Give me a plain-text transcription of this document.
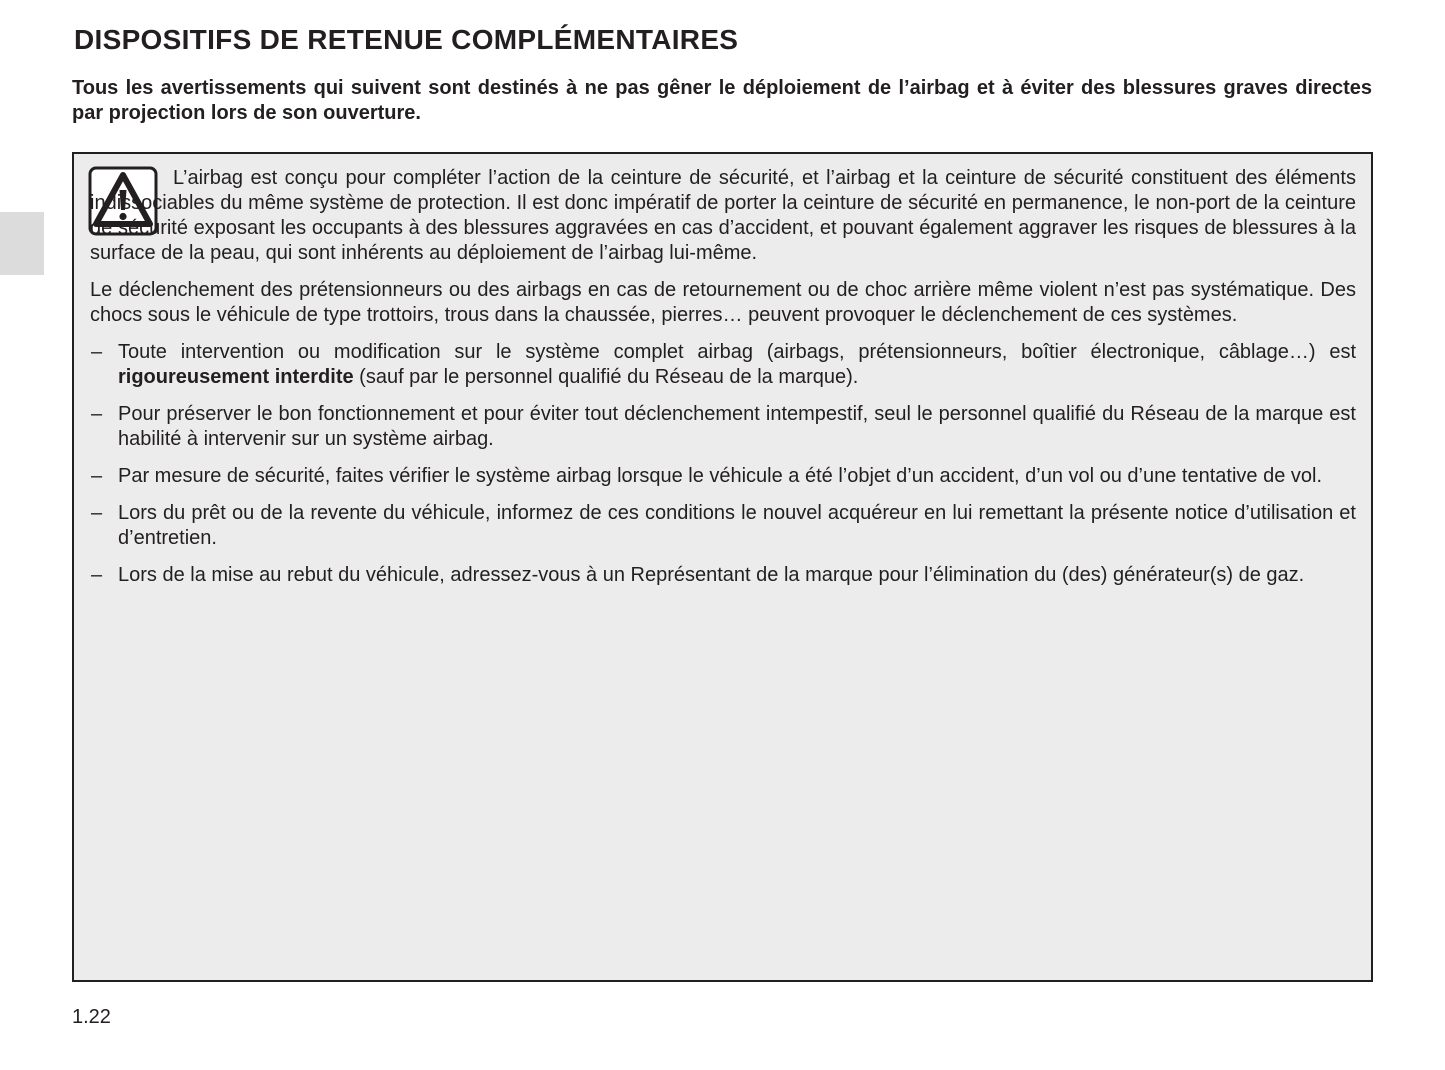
DISPOSITIFS DE RETENUE COMPLÉMENTAIRES

Tous les avertissements qui suivent sont destinés à ne pas gêner le déploiement de l’airbag et à éviter des blessures graves directes par projection lors de son ouverture.

L’airbag est conçu pour compléter l’action de la ceinture de sécurité, et l’airbag et la ceinture de sécurité constituent des éléments indissociables du même système de protection. Il est donc impératif de porter la ceinture de sécurité en permanence, le non-port de la ceinture de sécurité exposant les occupants à des blessures aggravées en cas d’accident, et pouvant également aggraver les risques de blessures à la surface de la peau, qui sont inhérents au déploiement de l’airbag lui-même.

Le déclenchement des prétensionneurs ou des airbags en cas de retournement ou de choc arrière même violent n’est pas systématique. Des chocs sous le véhicule de type trottoirs, trous dans la chaussée, pierres… peuvent provoquer le déclenchement de ces systèmes.

– Toute intervention ou modification sur le système complet airbag (airbags, prétensionneurs, boîtier électronique, câblage…) est rigoureusement interdite (sauf par le personnel qualifié du Réseau de la marque).
– Pour préserver le bon fonctionnement et pour éviter tout déclenchement intempestif, seul le personnel qualifié du Réseau de la marque est habilité à intervenir sur un système airbag.
– Par mesure de sécurité, faites vérifier le système airbag lorsque le véhicule a été l’objet d’un accident, d’un vol ou d’une tentative de vol.
– Lors du prêt ou de la revente du véhicule, informez de ces conditions le nouvel acquéreur en lui remettant la présente notice d’utilisation et d’entretien.
– Lors de la mise au rebut du véhicule, adressez-vous à un Représentant de la marque pour l’élimination du (des) générateur(s) de gaz.
1.22
